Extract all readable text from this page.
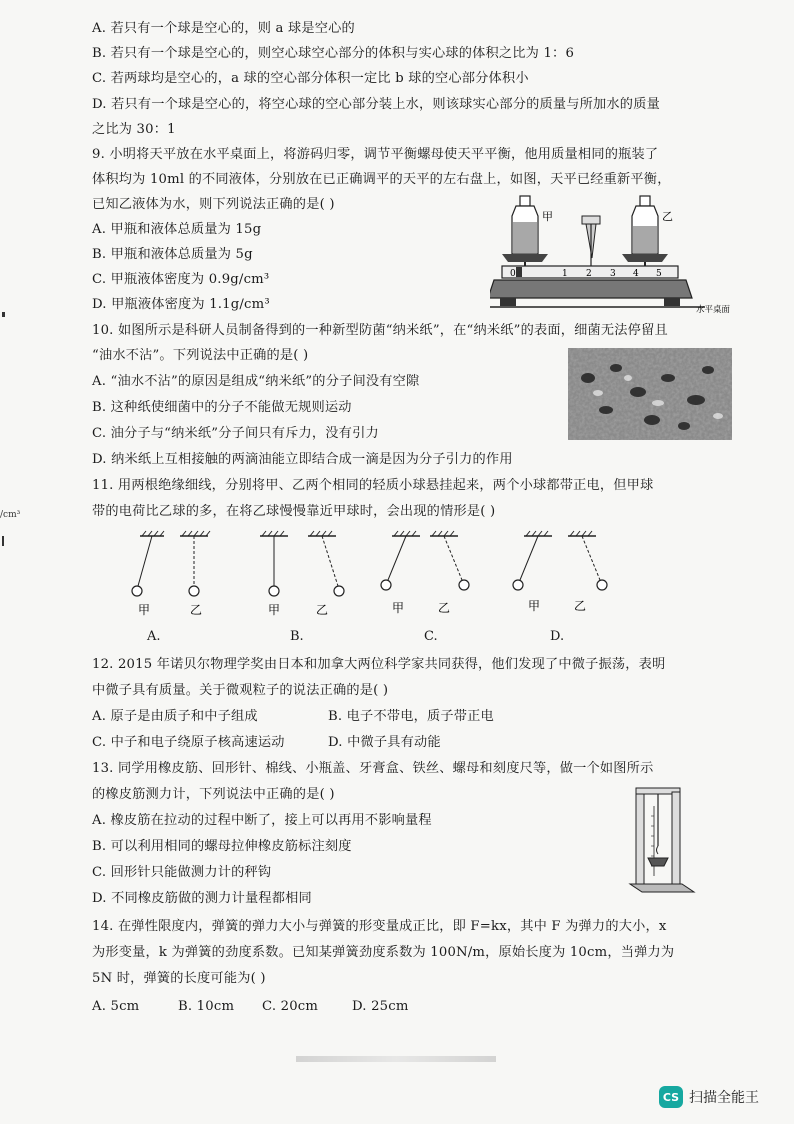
A. 若只有一个球是空心的，则 a 球是空心的
B. 若只有一个球是空心的，则空心球空心部分的体积与实心球的体积之比为 1：6
C. 若两球均是空心的，a 球的空心部分体积一定比 b 球的空心部分体积小
D. 若只有一个球是空心的，将空心球的空心部分装上水，则该球实心部分的质量与所加水的质量
之比为 30：1
9. 小明将天平放在水平桌面上，将游码归零，调节平衡螺母使天平平衡，他用质量相同的瓶装了
体积均为 10ml 的不同液体，分别放在已正确调平的天平的左右盘上，如图，天平已经重新平衡，
已知乙液体为水，则下列说法正确的是( )
A. 甲瓶和液体总质量为 15g
B. 甲瓶和液体总质量为 5g
C. 甲瓶液体密度为 0.9g/cm³
D. 甲瓶液体密度为 1.1g/cm³
甲	乙
0	1 2 3 4 5
水平桌面
10. 如图所示是科研人员制备得到的一种新型防菌“纳米纸”，在“纳米纸”的表面，细菌无法停留且
“油水不沾”。下列说法中正确的是( )
A. “油水不沾”的原因是组成“纳米纸”的分子间没有空隙
B. 这种纸使细菌中的分子不能做无规则运动
C. 油分子与“纳米纸”分子间只有斥力，没有引力
D. 纳米纸上互相接触的两滴油能立即结合成一滴是因为分子引力的作用
/cm³
11. 用两根绝缘细线，分别将甲、乙两个相同的轻质小球悬挂起来，两个小球都带正电，但甲球
带的电荷比乙球的多，在将乙球慢慢靠近甲球时，会出现的情形是( )
甲	乙	甲	乙	甲	乙	甲	乙
A.	B.	C.	D.
12. 2015 年诺贝尔物理学奖由日本和加拿大两位科学家共同获得，他们发现了中微子振荡，表明
中微子具有质量。关于微观粒子的说法正确的是( )
A. 原子是由质子和中子组成	B. 电子不带电，质子带正电
C. 中子和电子绕原子核高速运动	D. 中微子具有动能
13. 同学用橡皮筋、回形针、棉线、小瓶盖、牙膏盒、铁丝、螺母和刻度尺等，做一个如图所示
的橡皮筋测力计，下列说法中正确的是( )
A. 橡皮筋在拉动的过程中断了，接上可以再用不影响量程
B. 可以利用相同的螺母拉伸橡皮筋标注刻度
C. 回形针只能做测力计的秤钩
D. 不同橡皮筋做的测力计量程都相同
14. 在弹性限度内，弹簧的弹力大小与弹簧的形变量成正比，即 F=kx，其中 F 为弹力的大小，x
为形变量，k 为弹簧的劲度系数。已知某弹簧劲度系数为 100N/m，原始长度为 10cm，当弹力为
5N 时，弹簧的长度可能为( )
A. 5cm	B. 10cm C. 20cm	D. 25cm
CS 扫描全能王
